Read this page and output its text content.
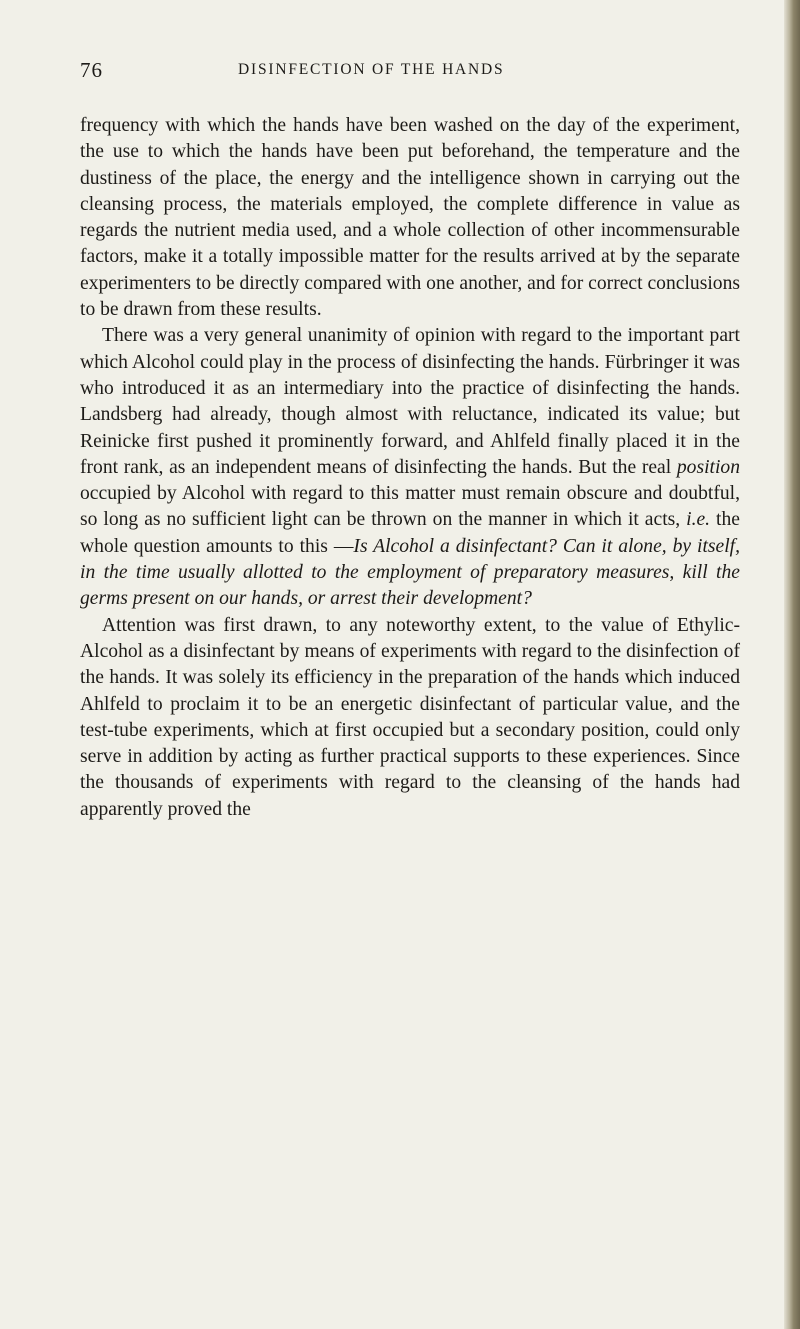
76	DISINFECTION OF THE HANDS

frequency with which the hands have been washed on the day of the experiment, the use to which the hands have been put beforehand, the temperature and the dustiness of the place, the energy and the intelligence shown in carrying out the cleansing process, the materials employed, the complete difference in value as regards the nutrient media used, and a whole collection of other incommensurable factors, make it a totally impossible matter for the results arrived at by the separate experimenters to be directly compared with one another, and for correct conclusions to be drawn from these results.

There was a very general unanimity of opinion with regard to the important part which Alcohol could play in the process of disinfecting the hands. Fürbringer it was who introduced it as an intermediary into the practice of disinfecting the hands. Landsberg had already, though almost with reluctance, indicated its value; but Reinicke first pushed it prominently forward, and Ahlfeld finally placed it in the front rank, as an independent means of disinfecting the hands. But the real position occupied by Alcohol with regard to this matter must remain obscure and doubtful, so long as no sufficient light can be thrown on the manner in which it acts, i.e. the whole question amounts to this —Is Alcohol a disinfectant? Can it alone, by itself, in the time usually allotted to the employment of preparatory measures, kill the germs present on our hands, or arrest their development?

Attention was first drawn, to any noteworthy extent, to the value of Ethylic-Alcohol as a disinfectant by means of experiments with regard to the disinfection of the hands. It was solely its efficiency in the preparation of the hands which induced Ahlfeld to proclaim it to be an energetic disinfectant of particular value, and the test-tube experiments, which at first occupied but a secondary position, could only serve in addition by acting as further practical supports to these experiences. Since the thousands of experiments with regard to the cleansing of the hands had apparently proved the
